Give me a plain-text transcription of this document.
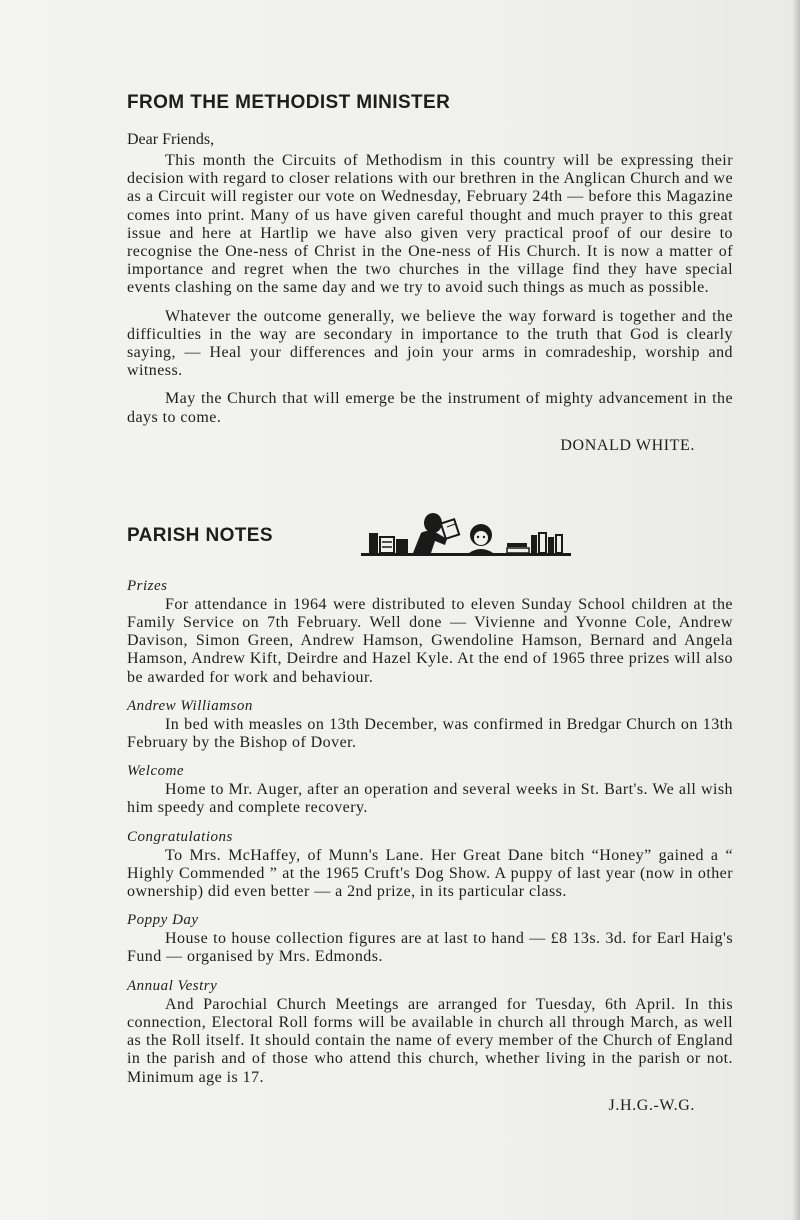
FROM THE METHODIST MINISTER
Dear Friends,

This month the Circuits of Methodism in this country will be expressing their decision with regard to closer relations with our brethren in the Anglican Church and we as a Circuit will register our vote on Wednesday, February 24th — before this Magazine comes into print. Many of us have given careful thought and much prayer to this great issue and here at Hartlip we have also given very practical proof of our desire to recognise the One-ness of Christ in the One-ness of His Church. It is now a matter of importance and regret when the two churches in the village find they have special events clashing on the same day and we try to avoid such things as much as possible.

Whatever the outcome generally, we believe the way forward is together and the difficulties in the way are secondary in importance to the truth that God is clearly saying, — Heal your differences and join your arms in comradeship, worship and witness.

May the Church that will emerge be the instrument of mighty advancement in the days to come.

DONALD WHITE.
PARISH NOTES
Prizes

For attendance in 1964 were distributed to eleven Sunday School children at the Family Service on 7th February. Well done — Vivienne and Yvonne Cole, Andrew Davison, Simon Green, Andrew Hamson, Gwendoline Hamson, Bernard and Angela Hamson, Andrew Kift, Deirdre and Hazel Kyle. At the end of 1965 three prizes will also be awarded for work and behaviour.

Andrew Williamson

In bed with measles on 13th December, was confirmed in Bredgar Church on 13th February by the Bishop of Dover.

Welcome

Home to Mr. Auger, after an operation and several weeks in St. Bart's. We all wish him speedy and complete recovery.

Congratulations

To Mrs. McHaffey, of Munn's Lane. Her Great Dane bitch “Honey” gained a “ Highly Commended ” at the 1965 Cruft's Dog Show. A puppy of last year (now in other ownership) did even better — a 2nd prize, in its particular class.

Poppy Day

House to house collection figures are at last to hand — £8 13s. 3d. for Earl Haig's Fund — organised by Mrs. Edmonds.

Annual Vestry

And Parochial Church Meetings are arranged for Tuesday, 6th April. In this connection, Electoral Roll forms will be available in church all through March, as well as the Roll itself. It should contain the name of every member of the Church of England in the parish and of those who attend this church, whether living in the parish or not. Minimum age is 17.

J.H.G.-W.G.
